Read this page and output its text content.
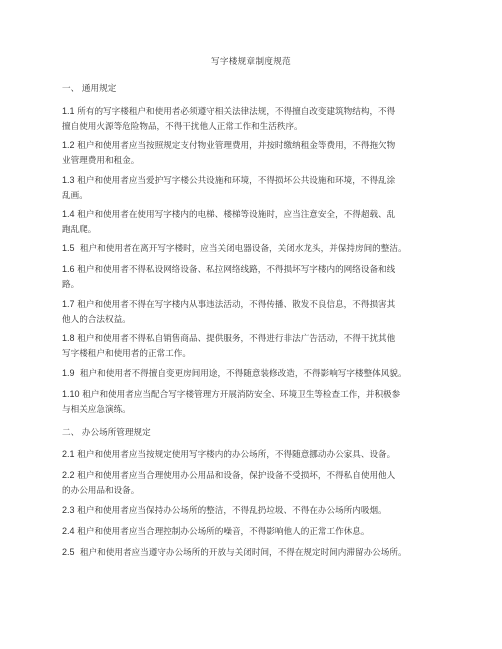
写字楼规章制度规范
一、 通用规定
1.1 所有的写字楼租户和使用者必须遵守相关法律法规，不得擅自改变建筑物结构，不得
擅自使用火源等危险物品，不得干扰他人正常工作和生活秩序。
1.2 租户和使用者应当按照规定支付物业管理费用，并按时缴纳租金等费用，不得拖欠物
业管理费用和租金。
1.3 租户和使用者应当爱护写字楼公共设施和环境，不得损坏公共设施和环境，不得乱涂
乱画。
1.4 租户和使用者在使用写字楼内的电梯、楼梯等设施时，应当注意安全，不得超载、乱
跑乱爬。
1.5 租户和使用者在离开写字楼时，应当关闭电器设备，关闭水龙头，并保持房间的整洁。
1.6 租户和使用者不得私设网络设备、私拉网络线路，不得损坏写字楼内的网络设备和线
路。
1.7 租户和使用者不得在写字楼内从事违法活动，不得传播、散发不良信息，不得损害其
他人的合法权益。
1.8 租户和使用者不得私自销售商品、提供服务，不得进行非法广告活动，不得干扰其他
写字楼租户和使用者的正常工作。
1.9 租户和使用者不得擅自变更房间用途，不得随意装修改造，不得影响写字楼整体风貌。
1.10 租户和使用者应当配合写字楼管理方开展消防安全、环境卫生等检查工作，并积极参
与相关应急演练。
二、 办公场所管理规定
2.1 租户和使用者应当按规定使用写字楼内的办公场所，不得随意挪动办公家具、设备。
2.2 租户和使用者应当合理使用办公用品和设备，保护设备不受损坏，不得私自使用他人
的办公用品和设备。
2.3 租户和使用者应当保持办公场所的整洁，不得乱扔垃圾、不得在办公场所内吸烟。
2.4 租户和使用者应当合理控制办公场所的噪音，不得影响他人的正常工作休息。
2.5 租户和使用者应当遵守办公场所的开放与关闭时间，不得在规定时间内滞留办公场所。
